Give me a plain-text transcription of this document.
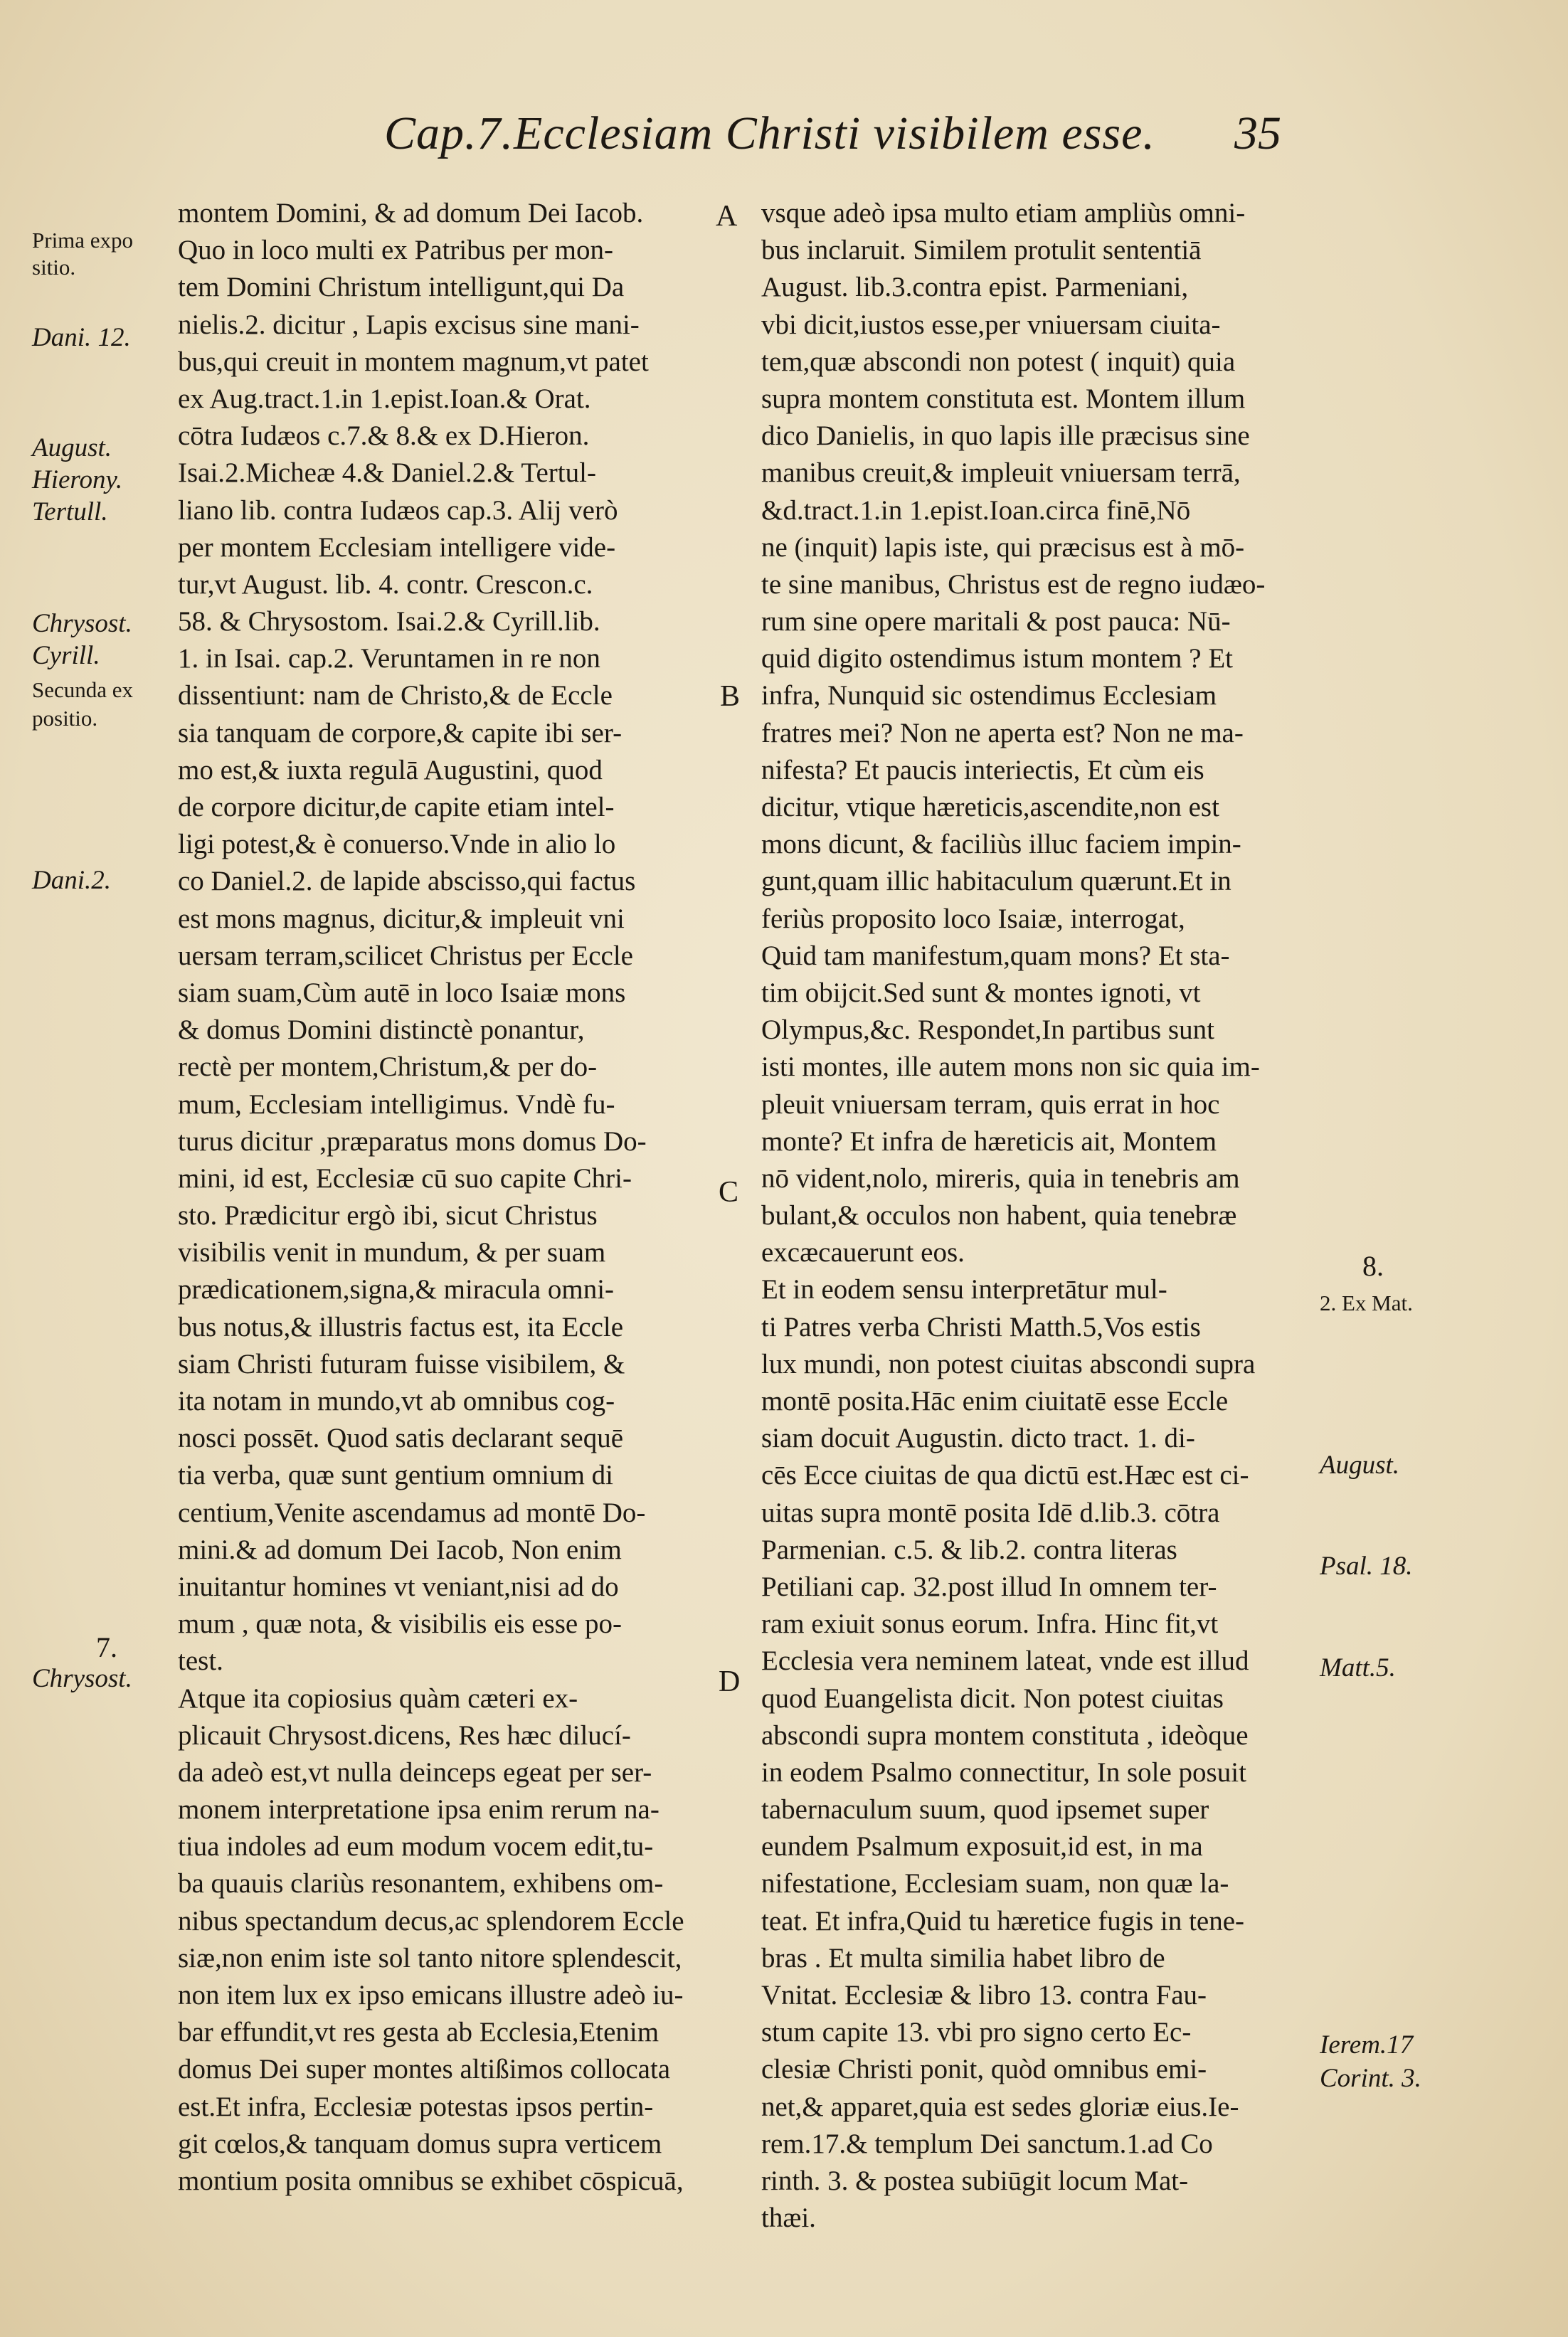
Cap.7.Ecclesiam Christi visibilem esse. 35
Prima expo
sitio.
Dani. 12.
August.
Hierony.
Tertull.
Chrysost.
Cyrill.
Secunda ex
positio.
Dani.2.
7.
Chrysost.
8.
2. Ex Mat.
August.
Psal. 18.
Matt.5.
Ierem.17
Corint. 3.
A
B
C
D
montem Domini, & ad domum Dei Iacob.
Quo in loco multi ex Patribus per mon-
tem Domini Christum intelligunt,qui Da
nielis.2. dicitur , Lapis excisus sine mani-
bus,qui creuit in montem magnum,vt patet
ex Aug.tract.1.in 1.epist.Ioan.& Orat.
cōtra Iudæos c.7.& 8.& ex D.Hieron.
Isai.2.Micheæ 4.& Daniel.2.& Tertul-
liano lib. contra Iudæos cap.3. Alij verò
per montem Ecclesiam intelligere vide-
tur,vt August. lib. 4. contr. Crescon.c.
58. & Chrysostom. Isai.2.& Cyrill.lib.
1. in Isai. cap.2. Veruntamen in re non
dissentiunt: nam de Christo,& de Eccle
sia tanquam de corpore,& capite ibi ser-
mo est,& iuxta regulā Augustini, quod
de corpore dicitur,de capite etiam intel-
ligi potest,& è conuerso.Vnde in alio lo
co Daniel.2. de lapide abscisso,qui factus
est mons magnus, dicitur,& impleuit vni
uersam terram,scilicet Christus per Eccle
siam suam,Cùm autē in loco Isaiæ mons
& domus Domini distinctè ponantur,
rectè per montem,Christum,& per do-
mum, Ecclesiam intelligimus. Vndè fu-
turus dicitur ,præparatus mons domus Do-
mini, id est, Ecclesiæ cū suo capite Chri-
sto. Prædicitur ergò ibi, sicut Christus
visibilis venit in mundum, & per suam
prædicationem,signa,& miracula omni-
bus notus,& illustris factus est, ita Eccle
siam Christi futuram fuisse visibilem, &
ita notam in mundo,vt ab omnibus cog-
nosci possēt. Quod satis declarant sequē
tia verba, quæ sunt gentium omnium di
centium,Venite ascendamus ad montē Do-
mini.& ad domum Dei Iacob, Non enim
inuitantur homines vt veniant,nisi ad do
mum , quæ nota, & visibilis eis esse po-
test.
Atque ita copiosius quàm cæteri ex-
plicauit Chrysost.dicens, Res hæc dilucí-
da adeò est,vt nulla deinceps egeat per ser-
monem interpretatione ipsa enim rerum na-
tiua indoles ad eum modum vocem edit,tu-
ba quauis clariùs resonantem, exhibens om-
nibus spectandum decus,ac splendorem Eccle
siæ,non enim iste sol tanto nitore splendescit,
non item lux ex ipso emicans illustre adeò iu-
bar effundit,vt res gesta ab Ecclesia,Etenim
domus Dei super montes altißimos collocata
est.Et infra, Ecclesiæ potestas ipsos pertin-
git cœlos,& tanquam domus supra verticem
montium posita omnibus se exhibet cōspicuā,
vsque adeò ipsa multo etiam ampliùs omni-
bus inclaruit. Similem protulit sententiā
August. lib.3.contra epist. Parmeniani,
vbi dicit,iustos esse,per vniuersam ciuita-
tem,quæ abscondi non potest ( inquit) quia
supra montem constituta est. Montem illum
dico Danielis, in quo lapis ille præcisus sine
manibus creuit,& impleuit vniuersam terrā,
&d.tract.1.in 1.epist.Ioan.circa finē,Nō
ne (inquit) lapis iste, qui præcisus est à mō-
te sine manibus, Christus est de regno iudæo-
rum sine opere maritali & post pauca: Nū-
quid digito ostendimus istum montem ? Et
infra, Nunquid sic ostendimus Ecclesiam
fratres mei? Non ne aperta est? Non ne ma-
nifesta? Et paucis interiectis, Et cùm eis
dicitur, vtique hæreticis,ascendite,non est
mons dicunt, & faciliùs illuc faciem impin-
gunt,quam illic habitaculum quærunt.Et in
feriùs proposito loco Isaiæ, interrogat,
Quid tam manifestum,quam mons? Et sta-
tim obijcit.Sed sunt & montes ignoti, vt
Olympus,&c. Respondet,In partibus sunt
isti montes, ille autem mons non sic quia im-
pleuit vniuersam terram, quis errat in hoc
monte? Et infra de hæreticis ait, Montem
nō vident,nolo, mireris, quia in tenebris am
bulant,& occulos non habent, quia tenebræ
excæcauerunt eos.
Et in eodem sensu interpretātur mul-
ti Patres verba Christi Matth.5,Vos estis
lux mundi, non potest ciuitas abscondi supra
montē posita.Hāc enim ciuitatē esse Eccle
siam docuit Augustin. dicto tract. 1. di-
cēs Ecce ciuitas de qua dictū est.Hæc est ci-
uitas supra montē posita Idē d.lib.3. cōtra
Parmenian. c.5. & lib.2. contra literas
Petiliani cap. 32.post illud In omnem ter-
ram exiuit sonus eorum. Infra. Hinc fit,vt
Ecclesia vera neminem lateat, vnde est illud
quod Euangelista dicit. Non potest ciuitas
abscondi supra montem constituta , ideòque
in eodem Psalmo connectitur, In sole posuit
tabernaculum suum, quod ipsemet super
eundem Psalmum exposuit,id est, in ma
nifestatione, Ecclesiam suam, non quæ la-
teat. Et infra,Quid tu hæretice fugis in tene-
bras . Et multa similia habet libro de
Vnitat. Ecclesiæ & libro 13. contra Fau-
stum capite 13. vbi pro signo certo Ec-
clesiæ Christi ponit, quòd omnibus emi-
net,& apparet,quia est sedes gloriæ eius.Ie-
rem.17.& templum Dei sanctum.1.ad Co
rinth. 3. & postea subiūgit locum Mat-
thæi.
